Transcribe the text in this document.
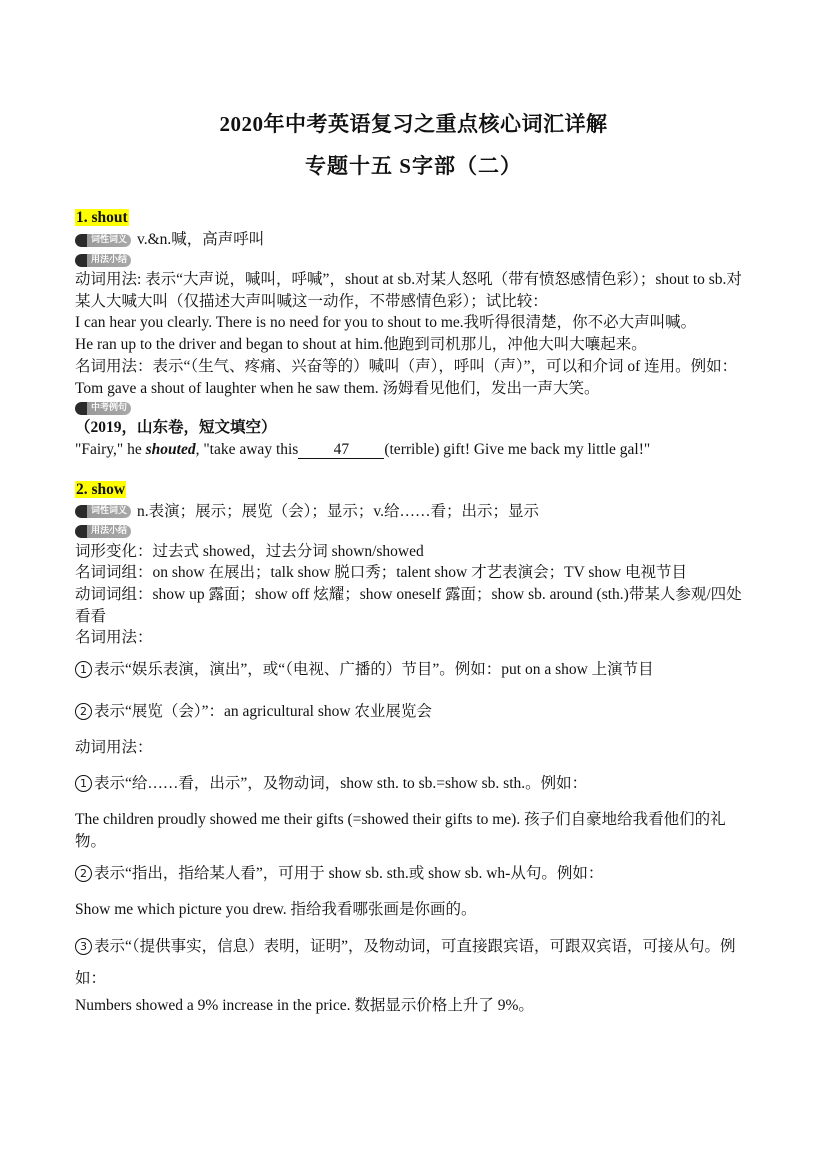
2020年中考英语复习之重点核心词汇详解
专题十五 S字部（二）
1. shout
词性词义 v.&n.喊，高声呼叫
用法小结

动词用法: 表示“大声说，喊叫，呼喊”，shout at sb.对某人怒吼（带有愤怒感情色彩）；shout to sb.对某人大喊大叫（仅描述大声叫喊这一动作，不带感情色彩）；试比较：

I can hear you clearly. There is no need for you to shout to me.我听得很清楚，你不必大声叫喊。

He ran up to the driver and began to shout at him.他跑到司机那儿，冲他大叫大嚷起来。

名词用法：表示“（生气、疼痛、兴奋等的）喊叫（声），呼叫（声）”，可以和介词 of 连用。例如：

Tom gave a shout of laughter when he saw them. 汤姆看见他们，发出一声大笑。

中考例句

（2019，山东卷，短文填空）

"Fairy," he shouted, "take away this 47 (terrible) gift! Give me back my little gal!"

2. show
词性词义 n.表演；展示；展览（会）；显示；v.给……看；出示；显示
用法小结

词形变化：过去式 showed，过去分词 shown/showed

名词词组：on show 在展出；talk show 脱口秀；talent show 才艺表演会；TV show 电视节目

动词词组：show up 露面；show off 炫耀；show oneself 露面；show sb. around (sth.)带某人参观/四处看看

名词用法：

1 表示“娱乐表演，演出”，或“（电视、广播的）节目”。例如：put on a show 上演节目
2 表示“展览（会）”：an agricultural show 农业展览会
动词用法：
1 表示“给……看，出示”，及物动词，show sth. to sb.=show sb. sth.。例如：

The children proudly showed me their gifts (=showed their gifts to me). 孩子们自豪地给我看他们的礼物。

2 表示“指出，指给某人看”，可用于 show sb. sth.或 show sb. wh-从句。例如：
Show me which picture you drew. 指给我看哪张画是你画的。
3 表示“（提供事实，信息）表明，证明”，及物动词，可直接跟宾语，可跟双宾语，可接从句。例如：

Numbers showed a 9% increase in the price. 数据显示价格上升了 9%。
